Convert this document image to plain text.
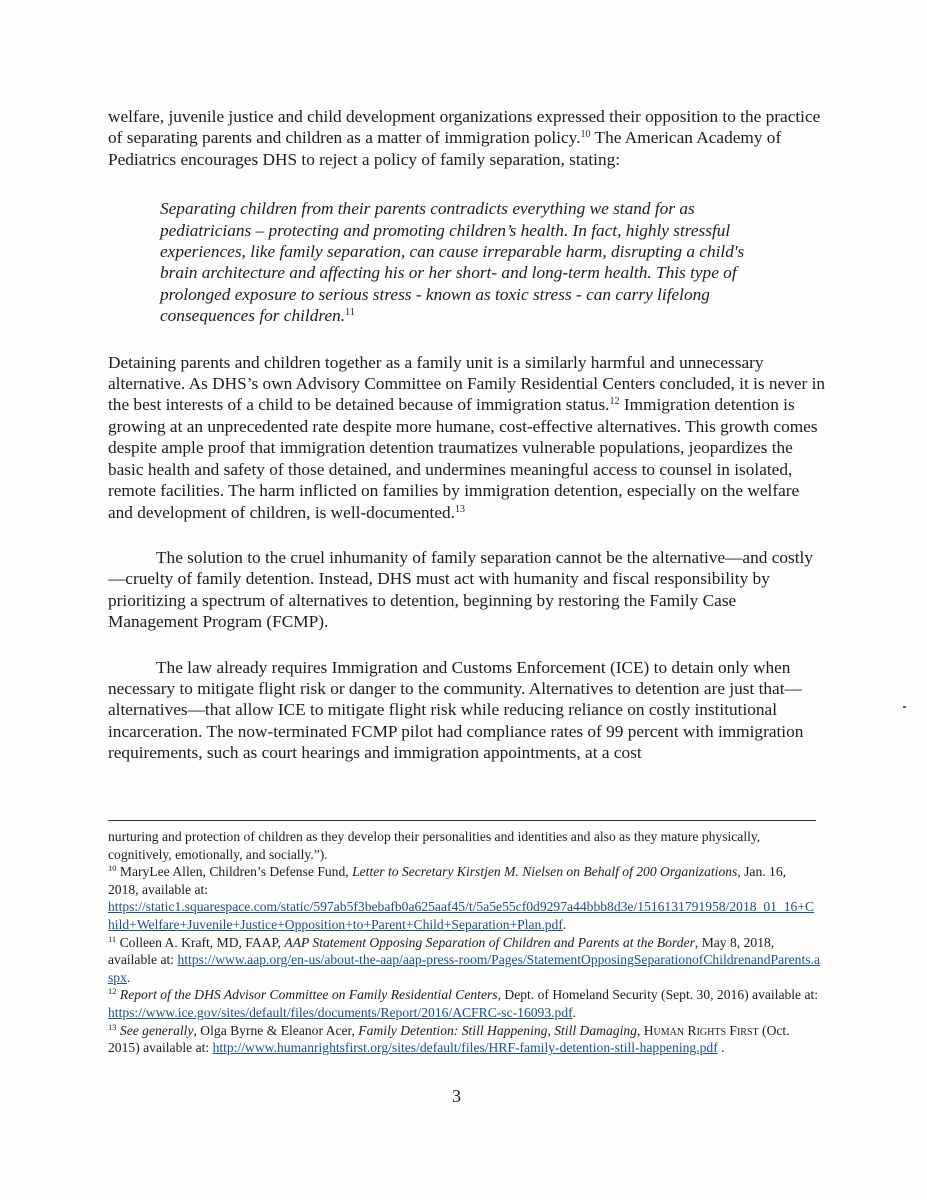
welfare, juvenile justice and child development organizations expressed their opposition to the practice of separating parents and children as a matter of immigration policy.$^{10}$ The American Academy of Pediatrics encourages DHS to reject a policy of family separation, stating:

Separating children from their parents contradicts everything we stand for as pediatricians – protecting and promoting children’s health. In fact, highly stressful experiences, like family separation, can cause irreparable harm, disrupting a child's brain architecture and affecting his or her short- and long-term health. This type of prolonged exposure to serious stress - known as toxic stress - can carry lifelong consequences for children.$^{11}$

Detaining parents and children together as a family unit is a similarly harmful and unnecessary alternative. As DHS’s own Advisory Committee on Family Residential Centers concluded, it is never in the best interests of a child to be detained because of immigration status.$^{12}$ Immigration detention is growing at an unprecedented rate despite more humane, cost-effective alternatives. This growth comes despite ample proof that immigration detention traumatizes vulnerable populations, jeopardizes the basic health and safety of those detained, and undermines meaningful access to counsel in isolated, remote facilities. The harm inflicted on families by immigration detention, especially on the welfare and development of children, is well-documented.$^{13}$

The solution to the cruel inhumanity of family separation cannot be the alternative—and costly—cruelty of family detention. Instead, DHS must act with humanity and fiscal responsibility by prioritizing a spectrum of alternatives to detention, beginning by restoring the Family Case Management Program (FCMP).

The law already requires Immigration and Customs Enforcement (ICE) to detain only when necessary to mitigate flight risk or danger to the community. Alternatives to detention are just that—alternatives—that allow ICE to mitigate flight risk while reducing reliance on costly institutional incarceration. The now-terminated FCMP pilot had compliance rates of 99 percent with immigration requirements, such as court hearings and immigration appointments, at a cost

nurturing and protection of children as they develop their personalities and identities and also as they mature physically, cognitively, emotionally, and socially.”).

$^{10}$ MaryLee Allen, Children’s Defense Fund, Letter to Secretary Kirstjen M. Nielsen on Behalf of 200 Organizations, Jan. 16, 2018, available at:
https://static1.squarespace.com/static/597ab5f3bebafb0a625aaf45/t/5a5e55cf0d9297a44bbb8d3e/1516131791958/2018_01_16+Child+Welfare+Juvenile+Justice+Opposition+to+Parent+Child+Separation+Plan.pdf.

$^{11}$ Colleen A. Kraft, MD, FAAP, AAP Statement Opposing Separation of Children and Parents at the Border, May 8, 2018, available at: https://www.aap.org/en-us/about-the-aap/aap-press-room/Pages/StatementOpposingSeparationofChildrenandParents.aspx.

$^{12}$ Report of the DHS Advisor Committee on Family Residential Centers, Dept. of Homeland Security (Sept. 30, 2016) available at: https://www.ice.gov/sites/default/files/documents/Report/2016/ACFRC-sc-16093.pdf.

$^{13}$ See generally, Olga Byrne & Eleanor Acer, Family Detention: Still Happening, Still Damaging, Human Rights First (Oct. 2015) available at: http://www.humanrightsfirst.org/sites/default/files/HRF-family-detention-still-happening.pdf .

3
